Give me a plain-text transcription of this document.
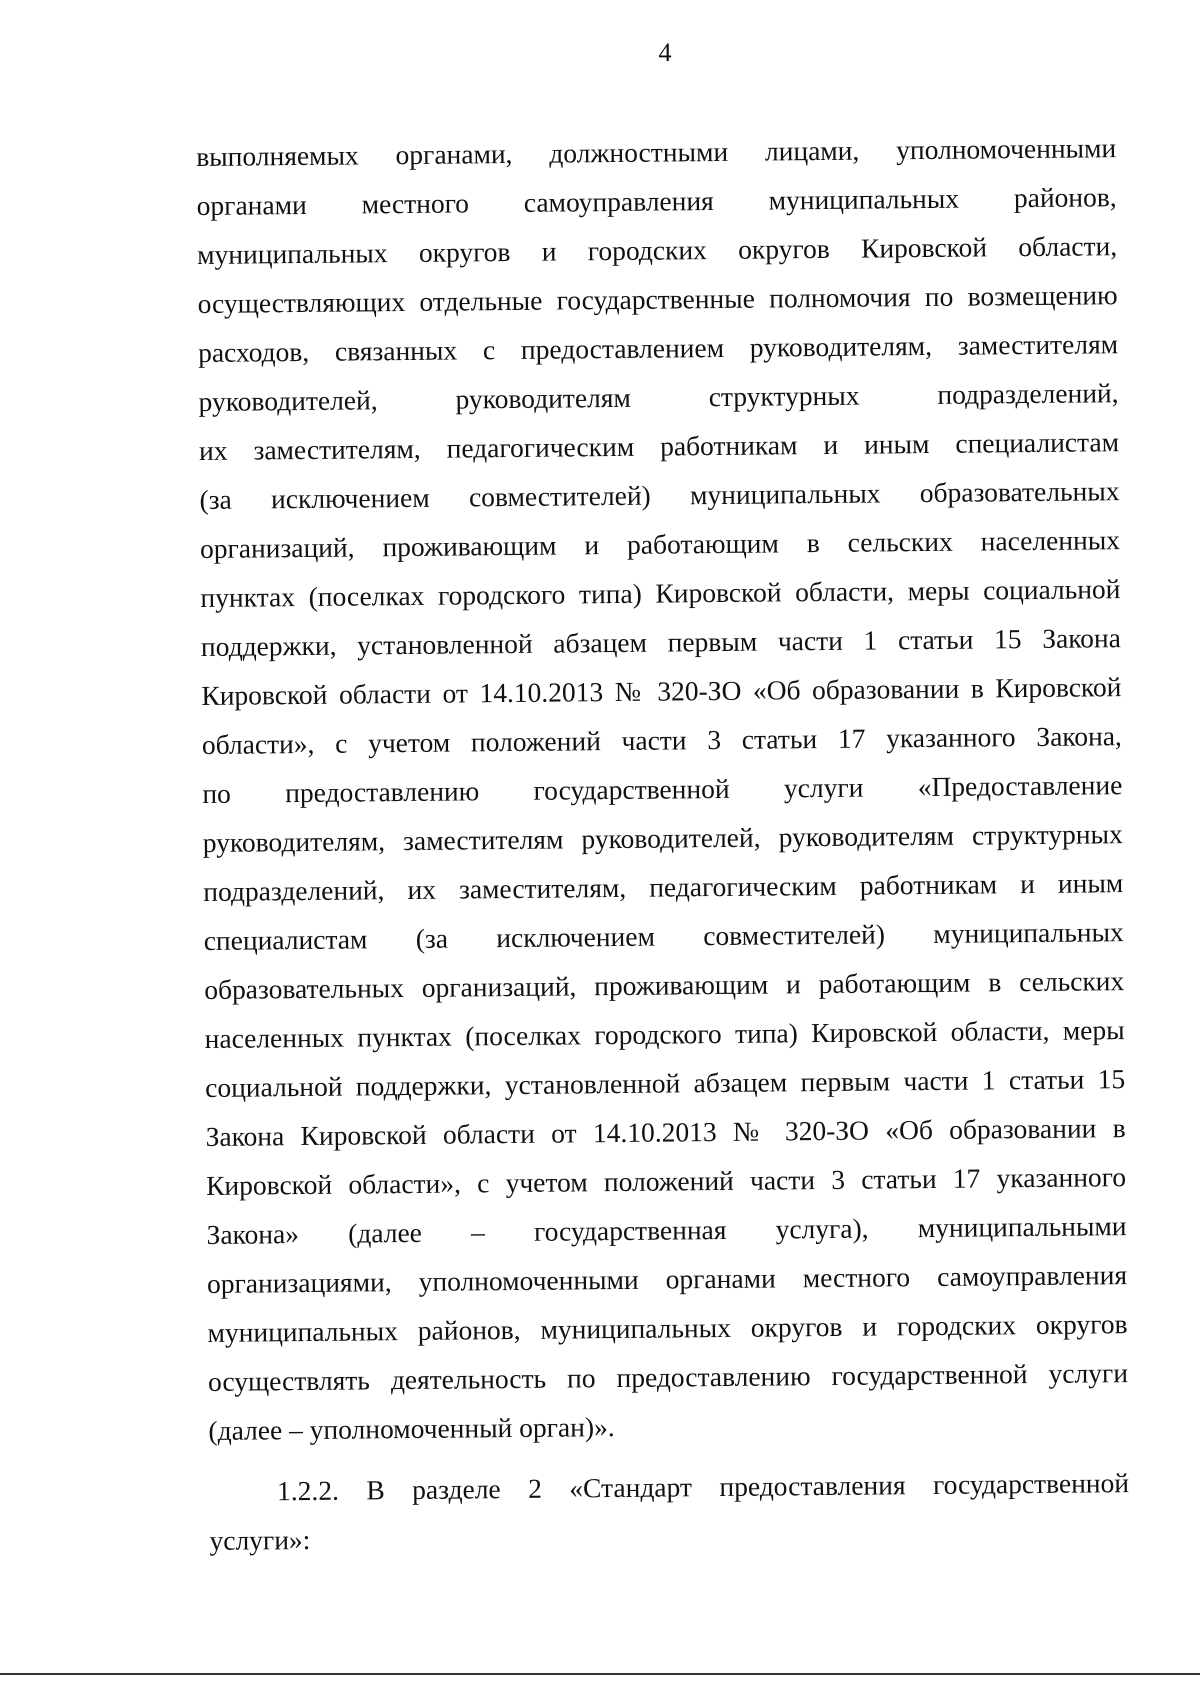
4
выполняемых органами, должностными лицами, уполномоченными
органами местного самоуправления муниципальных районов,
муниципальных округов и городских округов Кировской области,
осуществляющих отдельные государственные полномочия по возмещению
расходов, связанных с предоставлением руководителям, заместителям
руководителей, руководителям структурных подразделений,
их заместителям, педагогическим работникам и иным специалистам
(за исключением совместителей) муниципальных образовательных
организаций, проживающим и работающим в сельских населенных
пунктах (поселках городского типа) Кировской области, меры социальной
поддержки, установленной абзацем первым части 1 статьи 15 Закона
Кировской области от 14.10.2013 № 320-ЗО «Об образовании в Кировской
области», с учетом положений части 3 статьи 17 указанного Закона,
по предоставлению государственной услуги «Предоставление
руководителям, заместителям руководителей, руководителям структурных
подразделений, их заместителям, педагогическим работникам и иным
специалистам (за исключением совместителей) муниципальных
образовательных организаций, проживающим и работающим в сельских
населенных пунктах (поселках городского типа) Кировской области, меры
социальной поддержки, установленной абзацем первым части 1 статьи 15
Закона Кировской области от 14.10.2013 № 320-ЗО «Об образовании в
Кировской области», с учетом положений части 3 статьи 17 указанного
Закона» (далее – государственная услуга), муниципальными
организациями, уполномоченными органами местного самоуправления
муниципальных районов, муниципальных округов и городских округов
осуществлять деятельность по предоставлению государственной услуги
(далее – уполномоченный орган)».
1.2.2. В разделе 2 «Стандарт предоставления государственной
услуги»:
